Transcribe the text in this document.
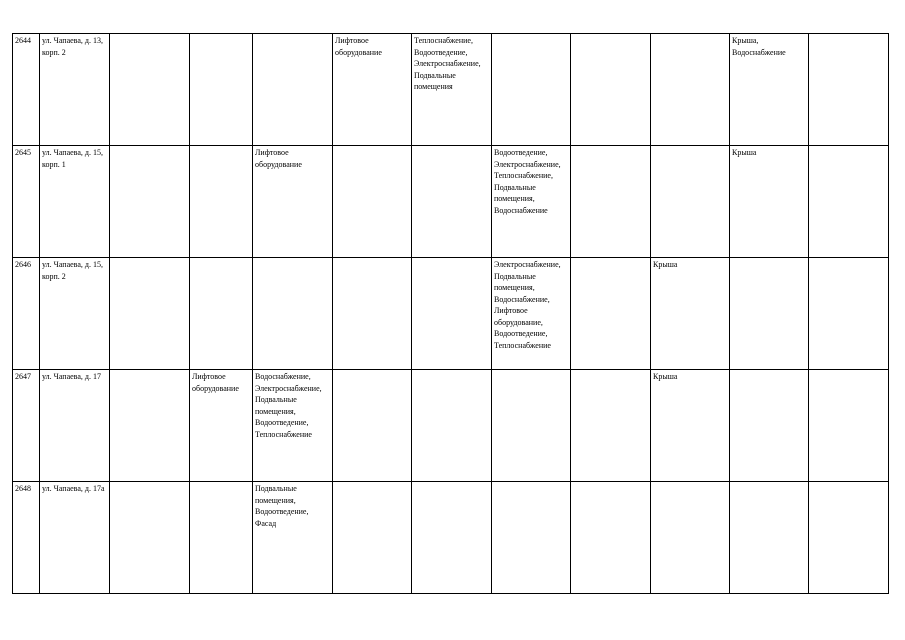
2644	ул. Чапаева, д. 13, корп. 2				Лифтовое оборудование	Теплоснабжение, Водоотведение, Электроснабжение, Подвальные помещения				Крыша, Водоснабжение	
2645	ул. Чапаева, д. 15, корп. 1			Лифтовое оборудование			Водоотведение, Электроснабжение, Теплоснабжение, Подвальные помещения, Водоснабжение			Крыша	
2646	ул. Чапаева, д. 15, корп. 2						Электроснабжение, Подвальные помещения, Водоснабжение, Лифтовое оборудование, Водоотведение, Теплоснабжение		Крыша		
2647	ул. Чапаева, д. 17		Лифтовое оборудование	Водоснабжение, Электроснабжение, Подвальные помещения, Водоотведение, Теплоснабжение					Крыша		
2648	ул. Чапаева, д. 17а			Подвальные помещения, Водоотведение, Фасад							
